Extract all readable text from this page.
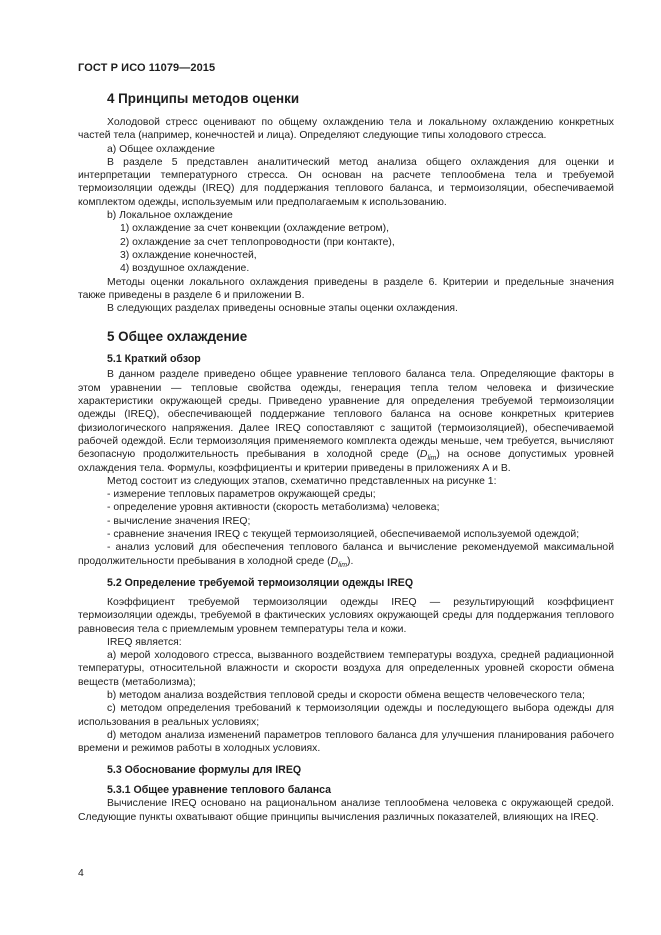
ГОСТ Р ИСО 11079—2015
4 Принципы методов оценки

Холодовой стресс оценивают по общему охлаждению тела и локальному охлаждению конкретных частей тела (например, конечностей и лица). Определяют следующие типы холодового стресса.

а) Общее охлаждение

В разделе 5 представлен аналитический метод анализа общего охлаждения для оценки и интерпретации температурного стресса. Он основан на расчете теплообмена тела и требуемой термоизоляции одежды (IREQ) для поддержания теплового баланса, и термоизоляции, обеспечиваемой комплектом одежды, используемым или предполагаемым к использованию.

b) Локальное охлаждение

1) охлаждение за счет конвекции (охлаждение ветром),

2) охлаждение за счет теплопроводности (при контакте),

3) охлаждение конечностей,

4) воздушное охлаждение.

Методы оценки локального охлаждения приведены в разделе 6. Критерии и предельные значения также приведены в разделе 6 и приложении В.

В следующих разделах приведены основные этапы оценки охлаждения.

5 Общее охлаждение
5.1 Краткий обзор

В данном разделе приведено общее уравнение теплового баланса тела. Определяющие факторы в этом уравнении — тепловые свойства одежды, генерация тепла телом человека и физические характеристики окружающей среды. Приведено уравнение для определения требуемой термоизоляции одежды (IREQ), обеспечивающей поддержание теплового баланса на основе конкретных критериев физиологического напряжения. Далее IREQ сопоставляют с защитой (термоизоляцией), обеспечиваемой рабочей одеждой. Если термоизоляция применяемого комплекта одежды меньше, чем требуется, вычисляют безопасную продолжительность пребывания в холодной среде $(D_{lim})$ на основе допустимых уровней охлаждения тела. Формулы, коэффициенты и критерии приведены в приложениях А и В.

Метод состоит из следующих этапов, схематично представленных на рисунке 1:

- измерение тепловых параметров окружающей среды;

- определение уровня активности (скорость метаболизма) человека;

- вычисление значения IREQ;

- сравнение значения IREQ с текущей термоизоляцией, обеспечиваемой используемой одеждой;

- анализ условий для обеспечения теплового баланса и вычисление рекомендуемой максимальной продолжительности пребывания в холодной среде $(D_{lim})$.

5.2 Определение требуемой термоизоляции одежды IREQ

Коэффициент требуемой термоизоляции одежды IREQ — результирующий коэффициент термоизоляции одежды, требуемой в фактических условиях окружающей среды для поддержания теплового равновесия тела с приемлемым уровнем температуры тела и кожи.

IREQ является:

а) мерой холодового стресса, вызванного воздействием температуры воздуха, средней радиационной температуры, относительной влажности и скорости воздуха для определенных уровней скорости обмена веществ (метаболизма);

b) методом анализа воздействия тепловой среды и скорости обмена веществ человеческого тела;

с) методом определения требований к термоизоляции одежды и последующего выбора одежды для использования в реальных условиях;

d) методом анализа изменений параметров теплового баланса для улучшения планирования рабочего времени и режимов работы в холодных условиях.

5.3 Обоснование формулы для IREQ
5.3.1 Общее уравнение теплового баланса

Вычисление IREQ основано на рациональном анализе теплообмена человека с окружающей средой. Следующие пункты охватывают общие принципы вычисления различных показателей, влияющих на IREQ.

4
